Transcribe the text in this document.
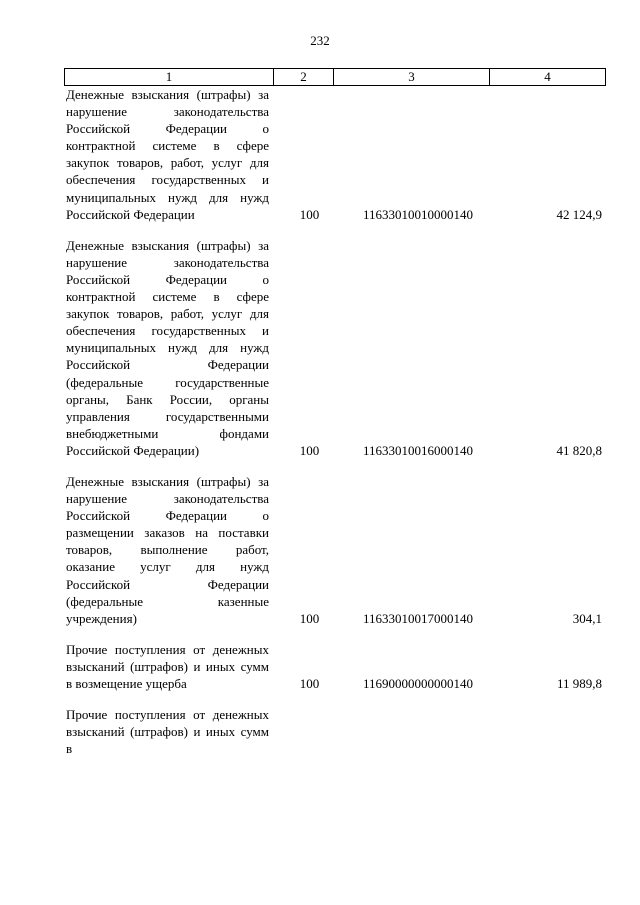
232
1	2	3	4
Денежные взыскания (штрафы) за нарушение законодательства Российской Федерации о контрактной системе в сфере закупок товаров, работ, услуг для обеспечения государственных и муниципальных нужд для нужд Российской Федерации	100	11633010010000140	42 124,9
Денежные взыскания (штрафы) за нарушение законодательства Российской Федерации о контрактной системе в сфере закупок товаров, работ, услуг для обеспечения государственных и муниципальных нужд для нужд Российской Федерации (федеральные государственные органы, Банк России, органы управления государственными внебюджетными фондами Российской Федерации)	100	11633010016000140	41 820,8
Денежные взыскания (штрафы) за нарушение законодательства Российской Федерации о размещении заказов на поставки товаров, выполнение работ, оказание услуг для нужд Российской Федерации (федеральные казенные учреждения)	100	11633010017000140	304,1
Прочие поступления от денежных взысканий (штрафов) и иных сумм в возмещение ущерба	100	11690000000000140	11 989,8
Прочие поступления от денежных взысканий (штрафов) и иных сумм в
